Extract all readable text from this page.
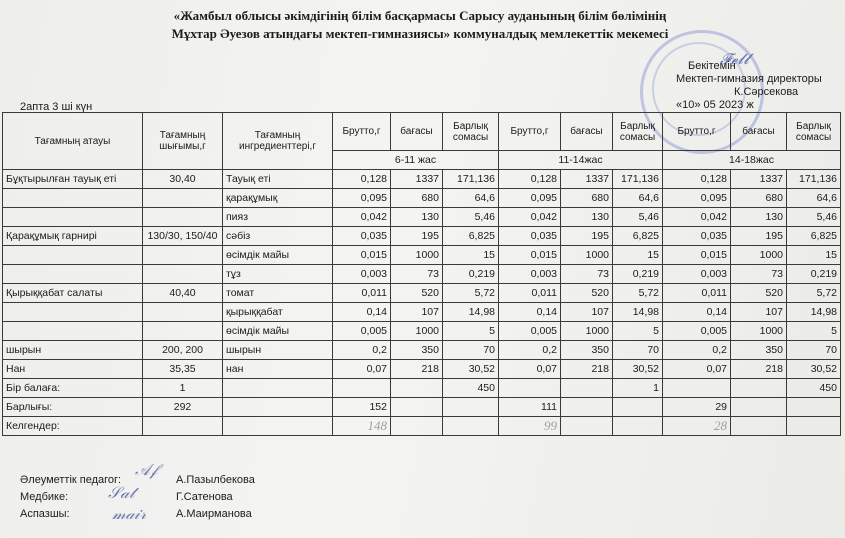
«Жамбыл облысы әкімдігінің білім басқармасы Сарысу ауданының білім бөлімінің
Мұхтар Әуезов атындағы мектеп-гимназиясы» коммуналдық мемлекеттік мекемесі
Бекітемін
Мектеп-гимназия директоры
К.Сәрсекова
«10» 05 2023 ж
𝓕𝓮𝓵𝓵
2апта 3 ші күн
Тағамның атауы	Тағамның шығымы,г	Тағамның ингредиенттері,г	Брутто,г	бағасы	Барлық сомасы	Брутто,г	бағасы	Барлық сомасы	Брутто,г	бағасы	Барлық сомасы
			6-11 жас			11-14жас			14-18жас		
Бұқтырылған тауық еті	30,40	Тауық еті	0,128	1337	171,136	0,128	1337	171,136	0,128	1337	171,136
		қарақұмық	0,095	680	64,6	0,095	680	64,6	0,095	680	64,6
		пияз	0,042	130	5,46	0,042	130	5,46	0,042	130	5,46
Қарақұмық гарнирі	130/30, 150/40	сәбіз	0,035	195	6,825	0,035	195	6,825	0,035	195	6,825
		өсімдік майы	0,015	1000	15	0,015	1000	15	0,015	1000	15
		тұз	0,003	73	0,219	0,003	73	0,219	0,003	73	0,219
Қырыққабат салаты	40,40	томат	0,011	520	5,72	0,011	520	5,72	0,011	520	5,72
		қырыққабат	0,14	107	14,98	0,14	107	14,98	0,14	107	14,98
		өсімдік майы	0,005	1000	5	0,005	1000	5	0,005	1000	5
шырын	200, 200	шырын	0,2	350	70	0,2	350	70	0,2	350	70
Нан	35,35	нан	0,07	218	30,52	0,07	218	30,52	0,07	218	30,52
Бір балаға:	1				450			1			450
Барлығы:	292		152			111			29		
Келгендер:			148			99			28		
Әлеуметтік педагог:	А.Пазылбекова
Медбике:	Г.Сатенова
Аспазшы:	А.Маирманова
𝒜𝒻
𝒮𝒶𝓉
𝓂𝒶𝒾𝓇
